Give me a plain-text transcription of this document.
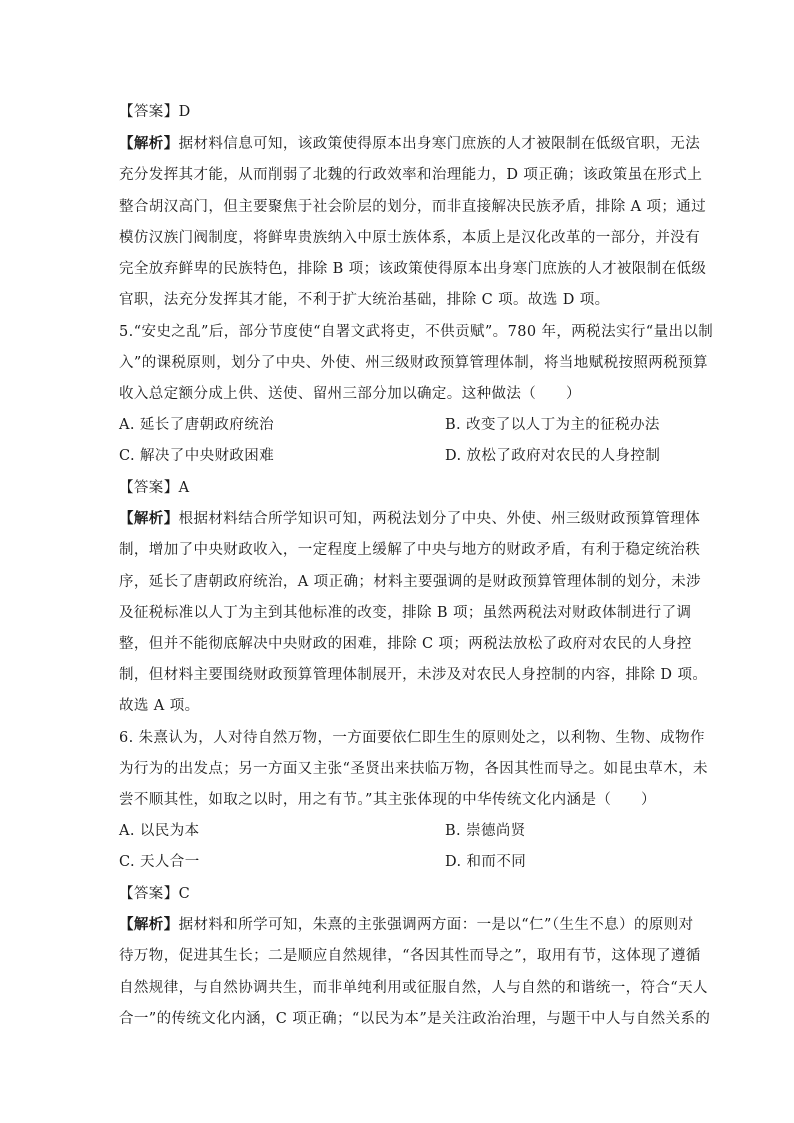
【答案】D
【解析】据材料信息可知，该政策使得原本出身寒门庶族的人才被限制在低级官职，无法
充分发挥其才能，从而削弱了北魏的行政效率和治理能力，D 项正确；该政策虽在形式上
整合胡汉高门，但主要聚焦于社会阶层的划分，而非直接解决民族矛盾，排除 A 项；通过
模仿汉族门阀制度，将鲜卑贵族纳入中原士族体系，本质上是汉化改革的一部分，并没有
完全放弃鲜卑的民族特色，排除 B 项；该政策使得原本出身寒门庶族的人才被限制在低级
官职，法充分发挥其才能，不利于扩大统治基础，排除 C 项。故选 D 项。
5.“安史之乱”后，部分节度使“自署文武将吏，不供贡赋”。780 年，两税法实行“量出以制
入”的课税原则，划分了中央、外使、州三级财政预算管理体制，将当地赋税按照两税预算
收入总定额分成上供、送使、留州三部分加以确定。这种做法（　　）
A. 延长了唐朝政府统治	B. 改变了以人丁为主的征税办法
C. 解决了中央财政困难	D. 放松了政府对农民的人身控制
【答案】A
【解析】根据材料结合所学知识可知，两税法划分了中央、外使、州三级财政预算管理体
制，增加了中央财政收入，一定程度上缓解了中央与地方的财政矛盾，有利于稳定统治秩
序，延长了唐朝政府统治，A 项正确；材料主要强调的是财政预算管理体制的划分，未涉
及征税标准以人丁为主到其他标准的改变，排除 B 项；虽然两税法对财政体制进行了调
整，但并不能彻底解决中央财政的困难，排除 C 项；两税法放松了政府对农民的人身控
制，但材料主要围绕财政预算管理体制展开，未涉及对农民人身控制的内容，排除 D 项。
故选 A 项。
6. 朱熹认为，人对待自然万物，一方面要依仁即生生的原则处之，以利物、生物、成物作
为行为的出发点；另一方面又主张“圣贤出来扶临万物，各因其性而导之。如昆虫草木，未
尝不顺其性，如取之以时，用之有节。”其主张体现的中华传统文化内涵是（　　）
A. 以民为本	B. 崇德尚贤
C. 天人合一	D. 和而不同
【答案】C
【解析】据材料和所学可知，朱熹的主张强调两方面：一是以“仁”（生生不息）的原则对
待万物，促进其生长；二是顺应自然规律，“各因其性而导之”，取用有节，这体现了遵循
自然规律，与自然协调共生，而非单纯利用或征服自然，人与自然的和谐统一，符合“天人
合一”的传统文化内涵，C 项正确；“以民为本”是关注政治治理，与题干中人与自然关系的
